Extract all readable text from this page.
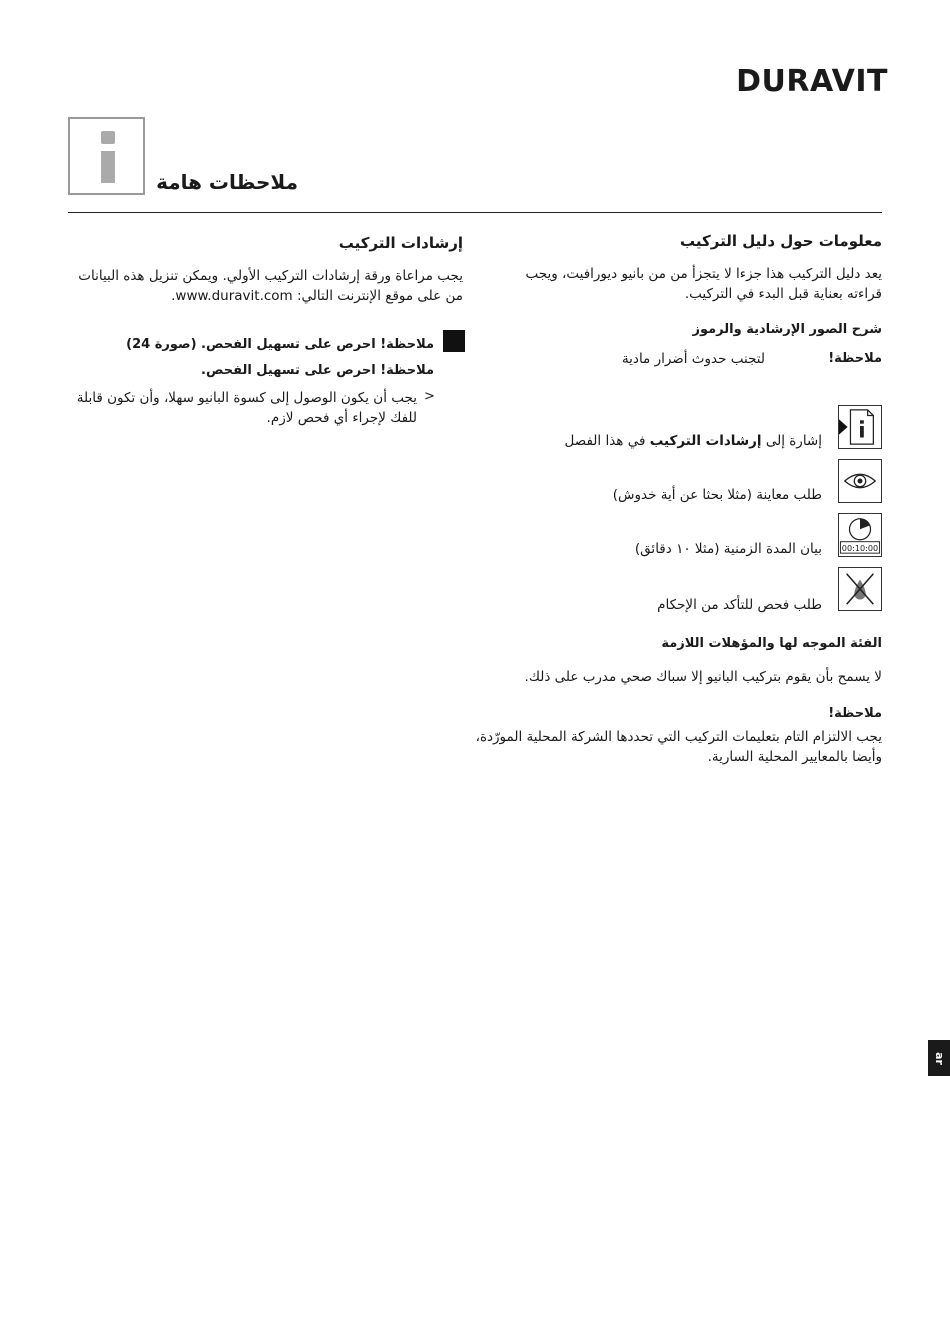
DURAVIT
ملاحظات هامة
معلومات حول دليل التركيب
يعد دليل التركيب هذا جزءا لا يتجزأ من من بانيو ديورافيت، ويجب
قراءته بعناية قبل البدء في التركيب.
شرح الصور الإرشادية والرموز
ملاحظة!
لتجنب حدوث أضرار مادية
إشارة إلى إرشادات التركيب في هذا الفصل
طلب معاينة (مثلا بحثا عن أية خدوش)
00:10:00
بيان المدة الزمنية (مثلا ١٠ دقائق)
طلب فحص للتأكد من الإحكام
الفئة الموجه لها والمؤهلات اللازمة
لا يسمح بأن يقوم بتركيب البانيو إلا سباك صحي مدرب على ذلك.
ملاحظة!
يجب الالتزام التام بتعليمات التركيب التي تحددها الشركة المحلية المورّدة،
وأيضا بالمعايير المحلية السارية.
إرشادات التركيب
يجب مراعاة ورقة إرشادات التركيب الأولي. ويمكن تنزيل هذه البيانات
من على موقع الإنترنت التالي: www.duravit.com.
ملاحظة! احرص على تسهيل الفحص. (صورة 24)
ملاحظة! احرص على تسهيل الفحص.
>
يجب أن يكون الوصول إلى كسوة البانيو سهلا، وأن تكون قابلة
للفك لإجراء أي فحص لازم.
ar
